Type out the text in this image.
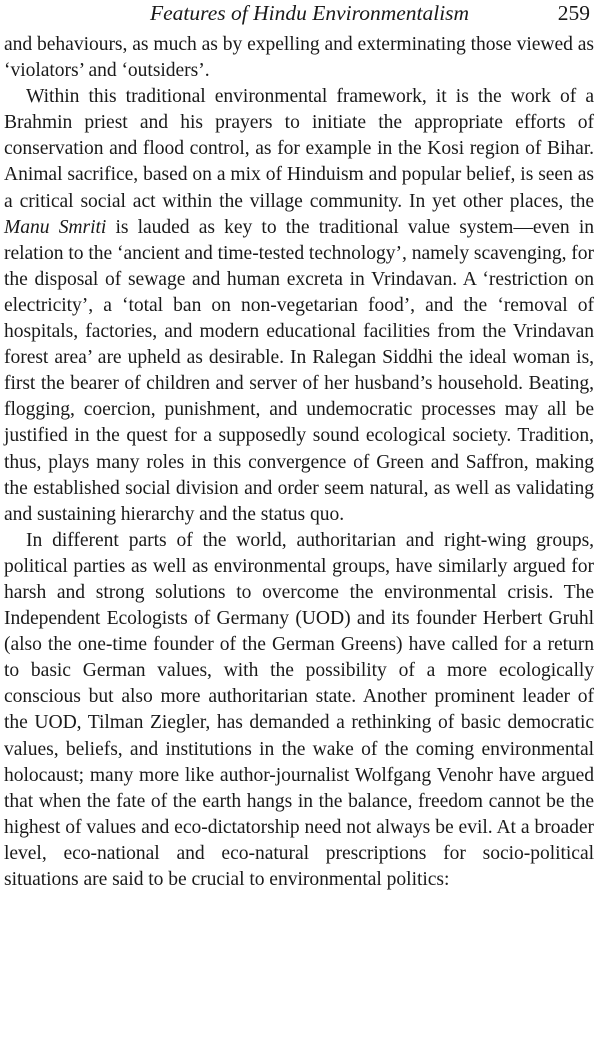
Features of Hindu Environmentalism	259

and behaviours, as much as by expelling and exterminating those viewed as ‘violators’ and ‘outsiders’.

Within this traditional environmental framework, it is the work of a Brahmin priest and his prayers to initiate the appropriate efforts of conservation and flood control, as for example in the Kosi region of Bihar. Animal sacrifice, based on a mix of Hinduism and popular belief, is seen as a critical social act within the village community. In yet other places, the Manu Smriti is lauded as key to the traditional value system—even in relation to the ‘ancient and time-tested technology’, namely scavenging, for the disposal of sewage and human excreta in Vrindavan. A ‘restriction on electricity’, a ‘total ban on non-vegetarian food’, and the ‘removal of hospitals, factories, and modern educational facilities from the Vrindavan forest area’ are upheld as desirable. In Ralegan Siddhi the ideal woman is, first the bearer of children and server of her husband’s household. Beating, flogging, coercion, punishment, and undemocratic processes may all be justified in the quest for a supposedly sound ecological society. Tradition, thus, plays many roles in this convergence of Green and Saffron, making the established social division and order seem natural, as well as validating and sustaining hierarchy and the status quo.

In different parts of the world, authoritarian and right-wing groups, political parties as well as environmental groups, have similarly argued for harsh and strong solutions to overcome the environmental crisis. The Independent Ecologists of Germany (UOD) and its founder Herbert Gruhl (also the one-time founder of the German Greens) have called for a return to basic German values, with the possibility of a more ecologically conscious but also more authoritarian state. Another prominent leader of the UOD, Tilman Ziegler, has demanded a rethinking of basic democratic values, beliefs, and institutions in the wake of the coming environmental holocaust; many more like author-journalist Wolfgang Venohr have argued that when the fate of the earth hangs in the balance, freedom cannot be the highest of values and eco-dictatorship need not always be evil. At a broader level, eco-national and eco-natural prescriptions for socio-political situations are said to be crucial to environmental politics:
